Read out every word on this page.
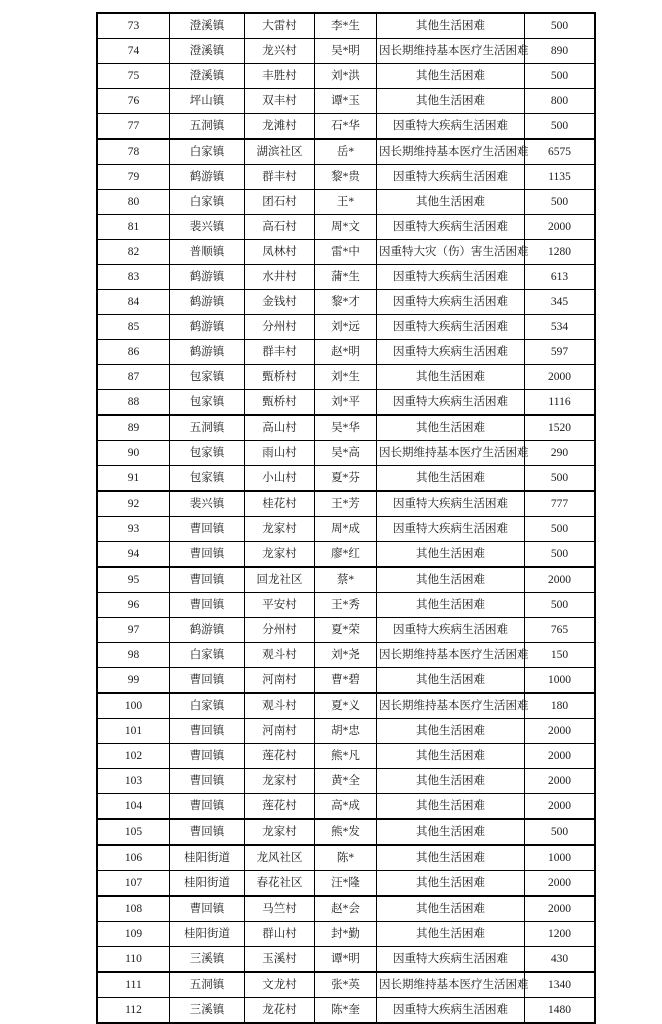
73	澄溪镇	大雷村	李*生	其他生活困难	500
74	澄溪镇	龙兴村	吴*明	因长期维持基本医疗生活困难	890
75	澄溪镇	丰胜村	刘*洪	其他生活困难	500
76	坪山镇	双丰村	谭*玉	其他生活困难	800
77	五洞镇	龙滩村	石*华	因重特大疾病生活困难	500
78	白家镇	湖滨社区	岳*	因长期维持基本医疗生活困难	6575
79	鹤游镇	群丰村	黎*贵	因重特大疾病生活困难	1135
80	白家镇	团石村	王*	其他生活困难	500
81	裴兴镇	高石村	周*文	因重特大疾病生活困难	2000
82	普顺镇	凤林村	雷*中	因重特大灾（伤）害生活困难	1280
83	鹤游镇	水井村	蒲*生	因重特大疾病生活困难	613
84	鹤游镇	金钱村	黎*才	因重特大疾病生活困难	345
85	鹤游镇	分州村	刘*远	因重特大疾病生活困难	534
86	鹤游镇	群丰村	赵*明	因重特大疾病生活困难	597
87	包家镇	甄桥村	刘*生	其他生活困难	2000
88	包家镇	甄桥村	刘*平	因重特大疾病生活困难	1116
89	五洞镇	高山村	吴*华	其他生活困难	1520
90	包家镇	雨山村	吴*高	因长期维持基本医疗生活困难	290
91	包家镇	小山村	夏*芬	其他生活困难	500
92	裴兴镇	桂花村	王*芳	因重特大疾病生活困难	777
93	曹回镇	龙家村	周*成	因重特大疾病生活困难	500
94	曹回镇	龙家村	廖*红	其他生活困难	500
95	曹回镇	回龙社区	蔡*	其他生活困难	2000
96	曹回镇	平安村	王*秀	其他生活困难	500
97	鹤游镇	分州村	夏*荣	因重特大疾病生活困难	765
98	白家镇	观斗村	刘*尧	因长期维持基本医疗生活困难	150
99	曹回镇	河南村	曹*碧	其他生活困难	1000
100	白家镇	观斗村	夏*义	因长期维持基本医疗生活困难	180
101	曹回镇	河南村	胡*忠	其他生活困难	2000
102	曹回镇	莲花村	熊*凡	其他生活困难	2000
103	曹回镇	龙家村	黄*全	其他生活困难	2000
104	曹回镇	莲花村	高*成	其他生活困难	2000
105	曹回镇	龙家村	熊*发	其他生活困难	500
106	桂阳街道	龙风社区	陈*	其他生活困难	1000
107	桂阳街道	春花社区	汪*隆	其他生活困难	2000
108	曹回镇	马竺村	赵*会	其他生活困难	2000
109	桂阳街道	群山村	封*勤	其他生活困难	1200
110	三溪镇	玉溪村	谭*明	因重特大疾病生活困难	430
111	五洞镇	文龙村	张*英	因长期维持基本医疗生活困难	1340
112	三溪镇	龙花村	陈*奎	因重特大疾病生活困难	1480
